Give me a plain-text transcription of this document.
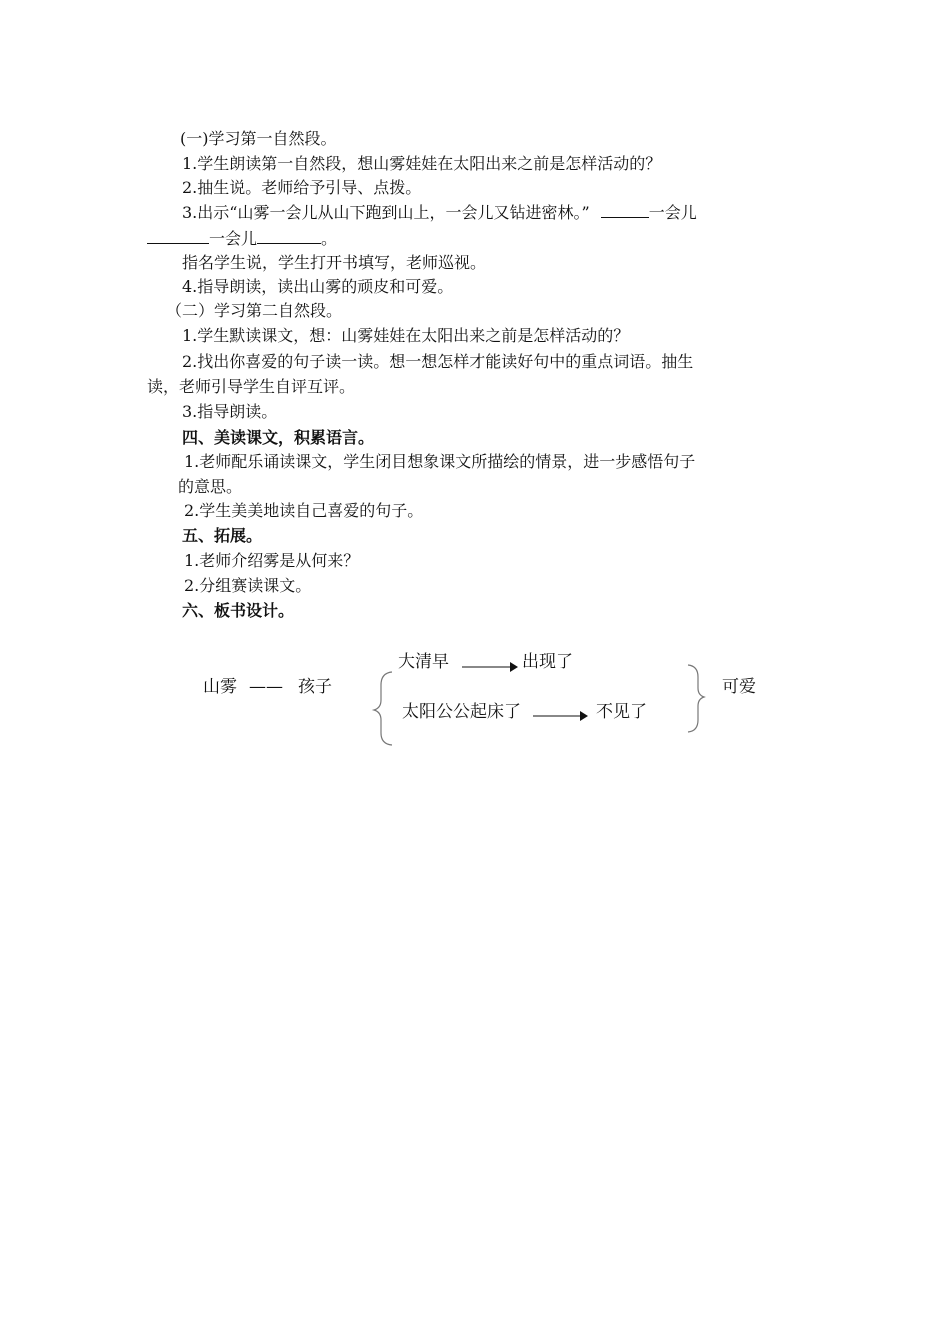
(一)学习第一自然段。
1.学生朗读第一自然段，想山雾娃娃在太阳出来之前是怎样活动的？
2.抽生说。老师给予引导、点拨。
3.出示“山雾一会儿从山下跑到山上，一会儿又钻进密林。”	一会儿
一会儿	。
指名学生说，学生打开书填写，老师巡视。
4.指导朗读，读出山雾的顽皮和可爱。
（二）学习第二自然段。
1.学生默读课文，想：山雾娃娃在太阳出来之前是怎样活动的？
2.找出你喜爱的句子读一读。想一想怎样才能读好句中的重点词语。抽生
读，老师引导学生自评互评。
3.指导朗读。
四、美读课文，积累语言。
1.老师配乐诵读课文，学生闭目想象课文所描绘的情景，进一步感悟句子
的意思。
2.学生美美地读自己喜爱的句子。
五、拓展。
1.老师介绍雾是从何来？
2.分组赛读课文。
六、板书设计。
山雾 —— 孩子
大清早	出现了
太阳公公起床了	不见了
可爱
